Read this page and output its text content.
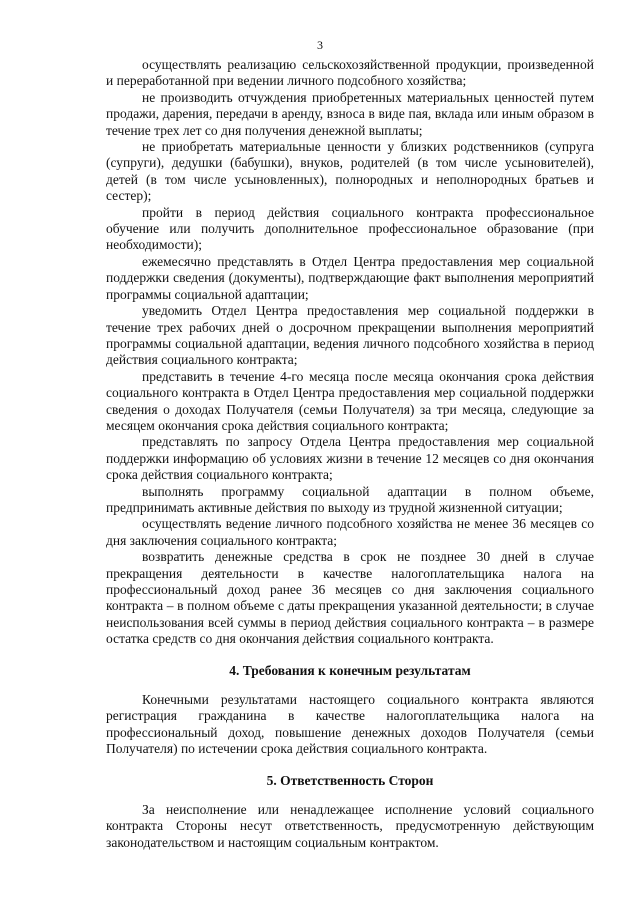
3

осуществлять реализацию сельскохозяйственной продукции, произведенной и переработанной при ведении личного подсобного хозяйства;

не производить отчуждения приобретенных материальных ценностей путем продажи, дарения, передачи в аренду, взноса в виде пая, вклада или иным образом в течение трех лет со дня получения денежной выплаты;

не приобретать материальные ценности у близких родственников (супруга (супруги), дедушки (бабушки), внуков, родителей (в том числе усыновителей), детей (в том числе усыновленных), полнородных и неполнородных братьев и сестер);

пройти в период действия социального контракта профессиональное обучение или получить дополнительное профессиональное образование (при необходимости);

ежемесячно представлять в Отдел Центра предоставления мер социальной поддержки сведения (документы), подтверждающие факт выполнения мероприятий программы социальной адаптации;

уведомить Отдел Центра предоставления мер социальной поддержки в течение трех рабочих дней о досрочном прекращении выполнения мероприятий программы социальной адаптации, ведения личного подсобного хозяйства в период действия социального контракта;

представить в течение 4-го месяца после месяца окончания срока действия социального контракта в Отдел Центра предоставления мер социальной поддержки сведения о доходах Получателя (семьи Получателя) за три месяца, следующие за месяцем окончания срока действия социального контракта;

представлять по запросу Отдела Центра предоставления мер социальной поддержки информацию об условиях жизни в течение 12 месяцев со дня окончания срока действия социального контракта;

выполнять программу социальной адаптации в полном объеме, предпринимать активные действия по выходу из трудной жизненной ситуации;

осуществлять ведение личного подсобного хозяйства не менее 36 месяцев со дня заключения социального контракта;

возвратить денежные средства в срок не позднее 30 дней в случае прекращения деятельности в качестве налогоплательщика налога на профессиональный доход ранее 36 месяцев со дня заключения социального контракта – в полном объеме с даты прекращения указанной деятельности; в случае неиспользования всей суммы в период действия социального контракта – в размере остатка средств со дня окончания действия социального контракта.

4. Требования к конечным результатам

Конечными результатами настоящего социального контракта являются регистрация гражданина в качестве налогоплательщика налога на профессиональный доход, повышение денежных доходов Получателя (семьи Получателя) по истечении срока действия социального контракта.

5. Ответственность Сторон

За неисполнение или ненадлежащее исполнение условий социального контракта Стороны несут ответственность, предусмотренную действующим законодательством и настоящим социальным контрактом.
